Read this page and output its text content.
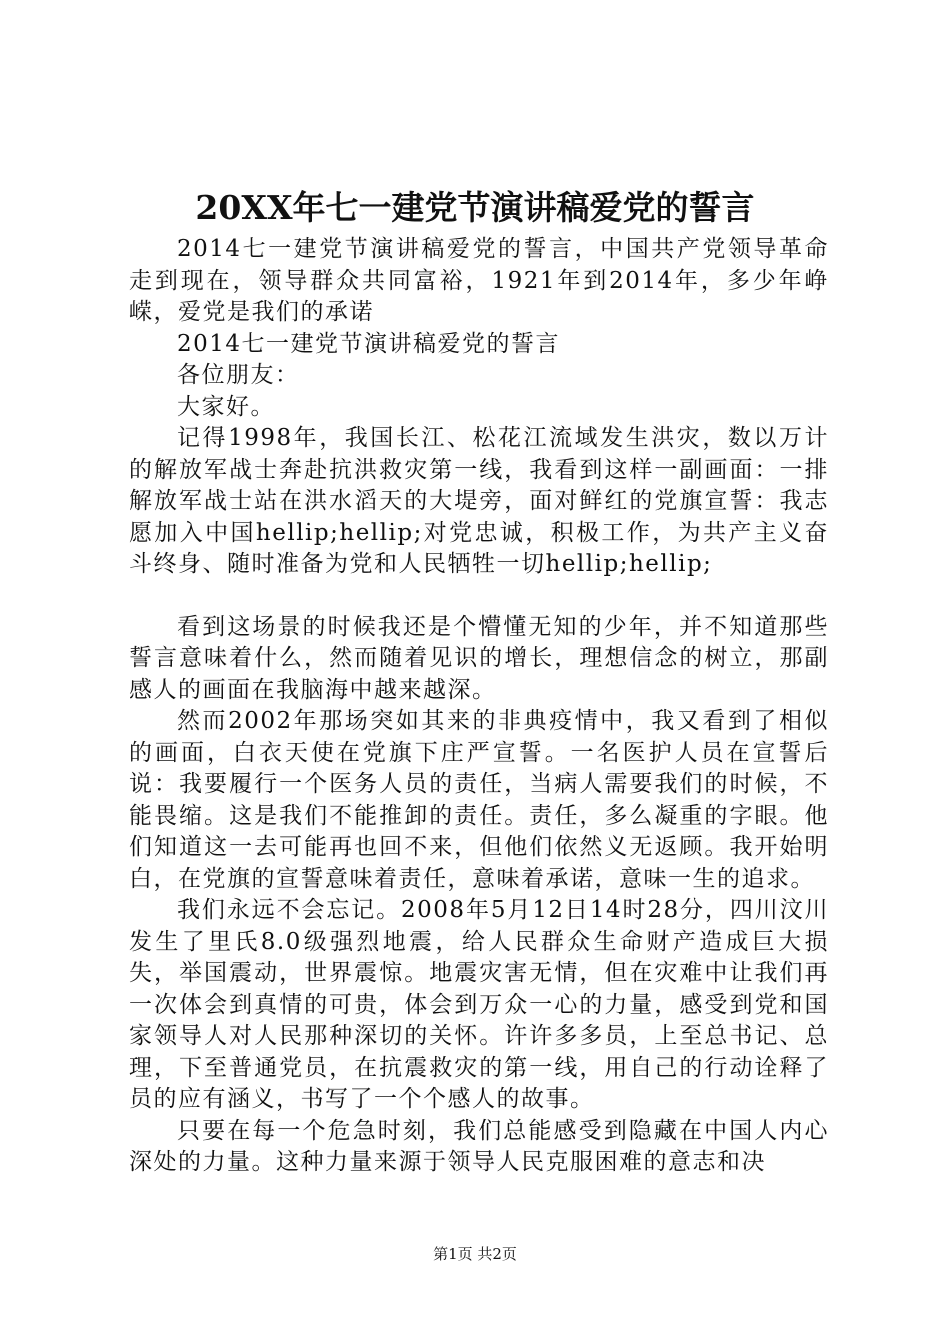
20XX年七一建党节演讲稿爱党的誓言

2014七一建党节演讲稿爱党的誓言，中国共产党领导革命走到现在，领导群众共同富裕，1921年到2014年，多少年峥嵘，爱党是我们的承诺

2014七一建党节演讲稿爱党的誓言

各位朋友：

大家好。

记得1998年，我国长江、松花江流域发生洪灾，数以万计的解放军战士奔赴抗洪救灾第一线，我看到这样一副画面：一排解放军战士站在洪水滔天的大堤旁，面对鲜红的党旗宣誓：我志愿加入中国hellip;hellip;对党忠诚，积极工作，为共产主义奋斗终身、随时准备为党和人民牺牲一切hellip;hellip;

看到这场景的时候我还是个懵懂无知的少年，并不知道那些誓言意味着什么，然而随着见识的增长，理想信念的树立，那副感人的画面在我脑海中越来越深。

然而2002年那场突如其来的非典疫情中，我又看到了相似的画面，白衣天使在党旗下庄严宣誓。一名医护人员在宣誓后说：我要履行一个医务人员的责任，当病人需要我们的时候，不能畏缩。这是我们不能推卸的责任。责任，多么凝重的字眼。他们知道这一去可能再也回不来，但他们依然义无返顾。我开始明白，在党旗的宣誓意味着责任，意味着承诺，意味一生的追求。

我们永远不会忘记。2008年5月12日14时28分，四川汶川发生了里氏8.0级强烈地震，给人民群众生命财产造成巨大损失，举国震动，世界震惊。地震灾害无情，但在灾难中让我们再一次体会到真情的可贵，体会到万众一心的力量，感受到党和国家领导人对人民那种深切的关怀。许许多多员，上至总书记、总理，下至普通党员，在抗震救灾的第一线，用自己的行动诠释了员的应有涵义，书写了一个个感人的故事。

只要在每一个危急时刻，我们总能感受到隐藏在中国人内心深处的力量。这种力量来源于领导人民克服困难的意志和决

第1页 共2页
